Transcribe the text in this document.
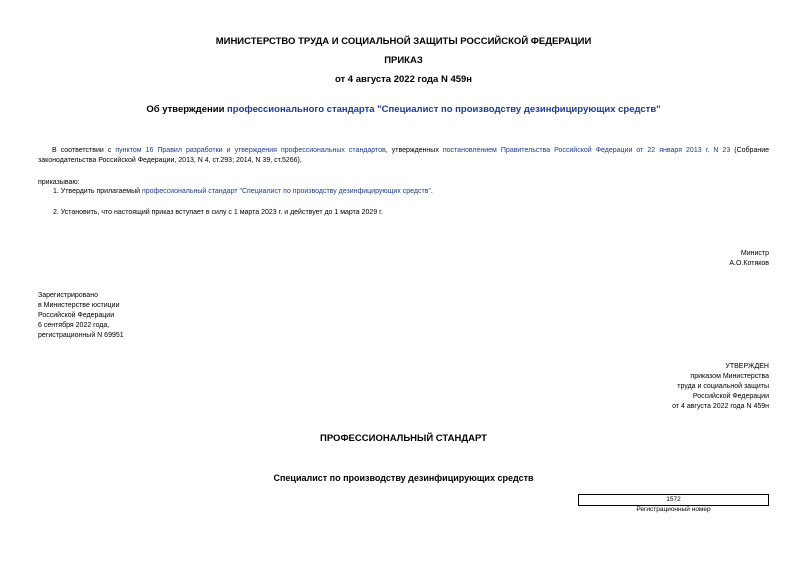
МИНИСТЕРСТВО ТРУДА И СОЦИАЛЬНОЙ ЗАЩИТЫ РОССИЙСКОЙ ФЕДЕРАЦИИ
ПРИКАЗ
от 4 августа 2022 года N 459н
Об утверждении профессионального стандарта "Специалист по производству дезинфицирующих средств"
В соответствии с пунктом 16 Правил разработки и утверждения профессиональных стандартов, утвержденных постановлением Правительства Российской Федерации от 22 января 2013 г. N 23 (Собрание законодательства Российской Федерации, 2013, N 4, ст.293; 2014, N 39, ст.5266),
приказываю:
1. Утвердить прилагаемый профессиональный стандарт "Специалист по производству дезинфицирующих средств".
2. Установить, что настоящий приказ вступает в силу с 1 марта 2023 г. и действует до 1 марта 2029 г.
Министр
А.О.Котяков
Зарегистрировано
в Министерстве юстиции
Российской Федерации
6 сентября 2022 года,
регистрационный N 69951
УТВЕРЖДЕН
приказом Министерства
труда и социальной защиты
Российской Федерации
от 4 августа 2022 года N 459н
ПРОФЕССИОНАЛЬНЫЙ СТАНДАРТ
Специалист по производству дезинфицирующих средств
1572
Регистрационный номер
